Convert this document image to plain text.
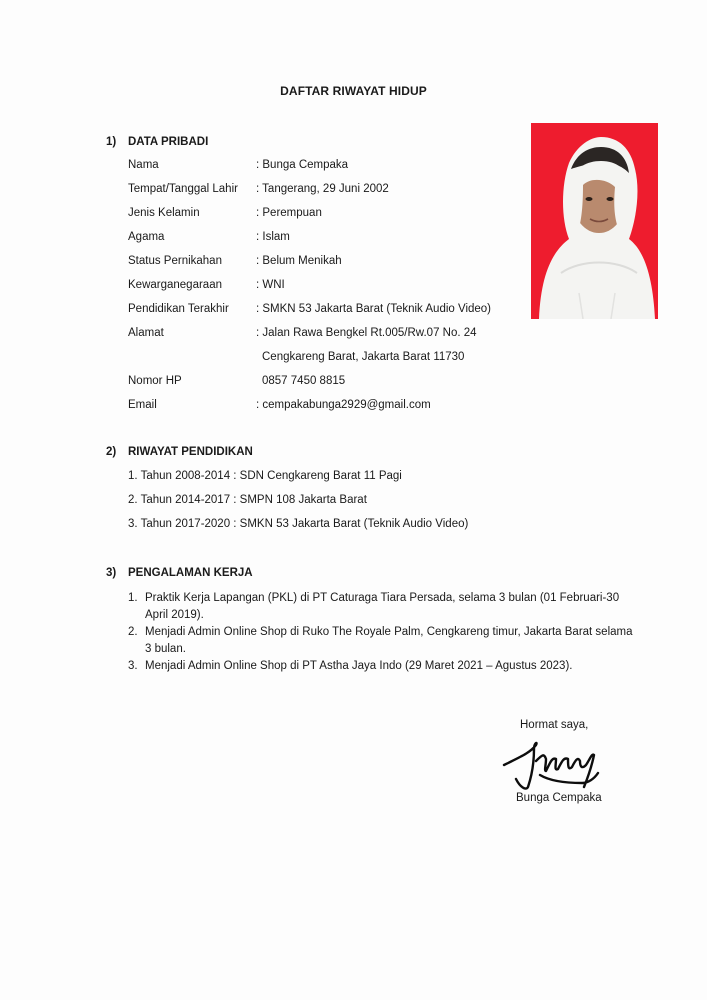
DAFTAR RIWAYAT HIDUP
1) DATA PRIBADI
Nama	: Bunga Cempaka
Tempat/Tanggal Lahir : Tangerang, 29 Juni 2002
Jenis Kelamin	: Perempuan
Agama	: Islam
Status Pernikahan	: Belum Menikah
Kewarganegaraan	: WNI
Pendidikan Terakhir : SMKN 53 Jakarta Barat (Teknik Audio Video)
Alamat	: Jalan Rawa Bengkel Rt.005/Rw.07 No. 24
Cengkareng Barat, Jakarta Barat 11730
Nomor HP	0857 7450 8815
Email	: cempakabunga2929@gmail.com
2) RIWAYAT PENDIDIKAN
1. Tahun 2008-2014 : SDN Cengkareng Barat 11 Pagi
2. Tahun 2014-2017 : SMPN 108 Jakarta Barat
3. Tahun 2017-2020 : SMKN 53 Jakarta Barat (Teknik Audio Video)
3) PENGALAMAN KERJA
1. Praktik Kerja Lapangan (PKL) di PT Caturaga Tiara Persada, selama 3 bulan (01 Februari-30 April 2019).
2. Menjadi Admin Online Shop di Ruko The Royale Palm, Cengkareng timur, Jakarta Barat selama 3 bulan.
3. Menjadi Admin Online Shop di PT Astha Jaya Indo (29 Maret 2021 – Agustus 2023).
Hormat saya,
Bunga Cempaka
